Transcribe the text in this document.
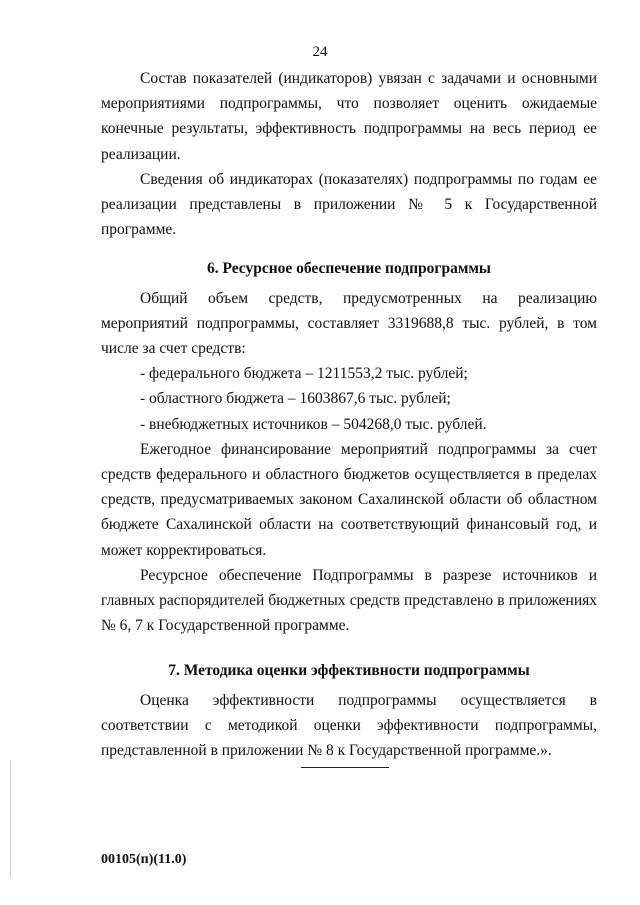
24

Состав показателей (индикаторов) увязан с задачами и основными мероприятиями подпрограммы, что позволяет оценить ожидаемые конечные результаты, эффективность подпрограммы на весь период ее реализации.

Сведения об индикаторах (показателях) подпрограммы по годам ее реализации представлены в приложении № 5 к Государственной программе.

6. Ресурсное обеспечение подпрограммы

Общий объем средств, предусмотренных на реализацию мероприятий подпрограммы, составляет 3319688,8 тыс. рублей, в том числе за счет средств:

- федерального бюджета – 1211553,2 тыс. рублей;

- областного бюджета – 1603867,6 тыс. рублей;

- внебюджетных источников – 504268,0 тыс. рублей.

Ежегодное финансирование мероприятий подпрограммы за счет средств федерального и областного бюджетов осуществляется в пределах средств, предусматриваемых законом Сахалинской области об областном бюджете Сахалинской области на соответствующий финансовый год, и может корректироваться.

Ресурсное обеспечение Подпрограммы в разрезе источников и главных распорядителей бюджетных средств представлено в приложениях № 6, 7 к Государственной программе.

7. Методика оценки эффективности подпрограммы

Оценка эффективности подпрограммы осуществляется в соответствии с методикой оценки эффективности подпрограммы, представленной в приложении № 8 к Государственной программе.».

00105(п)(11.0)
